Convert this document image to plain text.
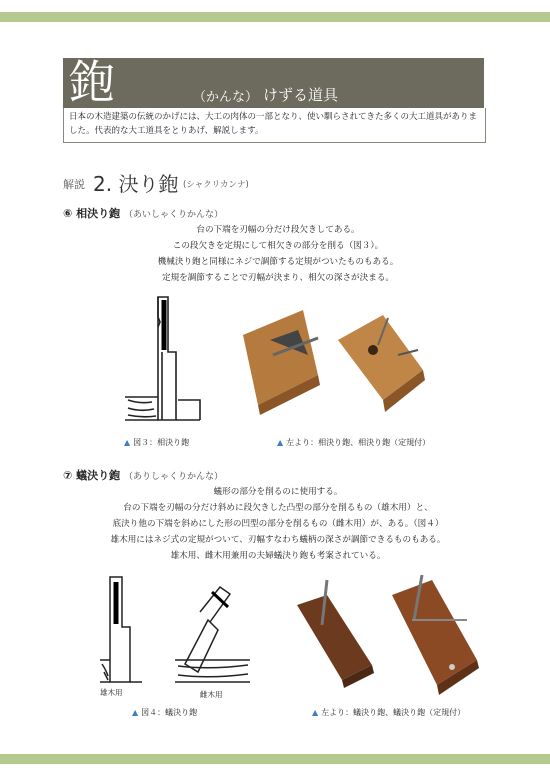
鉋	（かんな） けずる道具
日本の木造建築の伝統のかげには、大工の肉体の一部となり、使い馴らされてきた多くの大工道具がありました。代表的な大工道具をとりあげ、解説します。
解説 2. 決り鉋 (シャクリカンナ)
⑥ 相決り鉋 （あいしゃくりかんな）
台の下端を刃幅の分だけ段欠きしてある。
この段欠きを定規にして相欠きの部分を削る（図３）。
機械決り鉋と同様にネジで調節する定規がついたものもある。
定規を調節することで刃幅が決まり、相欠の深さが決まる。
▲ 図３：相決り鉋	▲ 左より：相決り鉋、相決り鉋（定規付）
⑦ 蟻決り鉋 （ありしゃくりかんな）
蟻形の部分を削るのに使用する。
台の下端を刃幅の分だけ斜めに段欠きした凸型の部分を削るもの（雄木用）と、
底決り他の下端を斜めにした形の凹型の部分を削るもの（雌木用）が、ある。（図４）
雄木用にはネジ式の定規がついて、刃幅すなわち蟻柄の深さが調節できるものもある。
雄木用、雌木用兼用の夫婦蟻決り鉋も考案されている。
雄木用	雌木用
▲ 図４：蟻決り鉋	▲ 左より：蟻決り鉋、蟻決り鉋（定規付）
